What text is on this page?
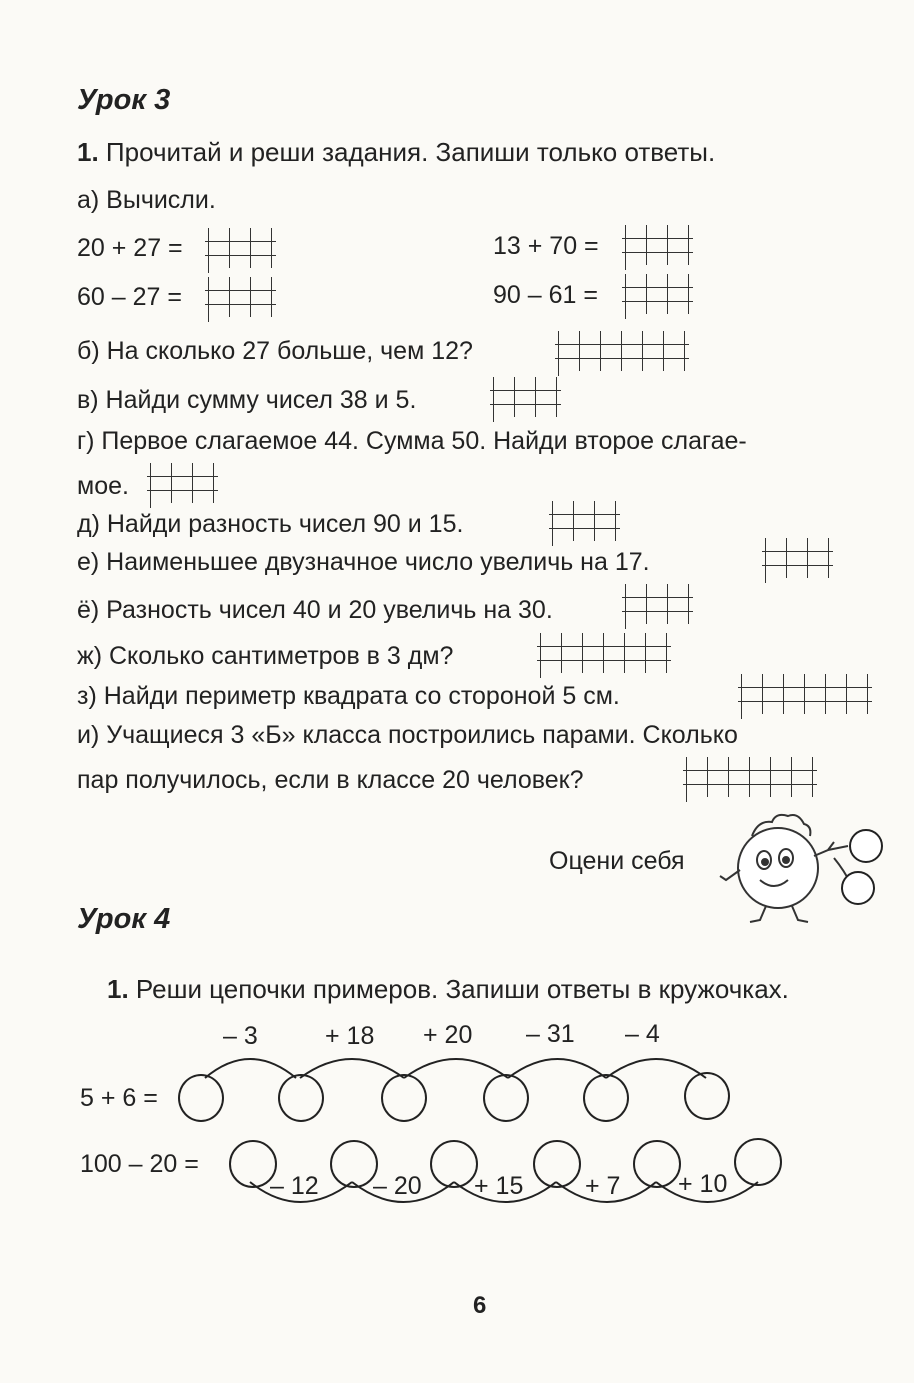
Урок 3
1. Прочитай и реши задания. Запиши только ответы.
а) Вычисли.
20 + 27 =	13 + 70 =
60 – 27 =	90 – 61 =
б) На сколько 27 больше, чем 12?
в) Найди сумму чисел 38 и 5.
г) Первое слагаемое 44. Сумма 50. Найди второе слагае-
мое.
д) Найди разность чисел 90 и 15.
е) Наименьшее двузначное число увеличь на 17.
ё) Разность чисел 40 и 20 увеличь на 30.
ж) Сколько сантиметров в 3 дм?
з) Найди периметр квадрата со стороной 5 см.
и) Учащиеся 3 «Б» класса построились парами. Сколько
пар получилось, если в классе 20 человек?
Оцени себя
Урок 4
1. Реши цепочки примеров. Запиши ответы в кружочках.
5 + 6 =
– 3	+ 18 + 20 – 31 – 4
100 – 20 =
– 12 – 20 + 15 + 7 + 10
6
